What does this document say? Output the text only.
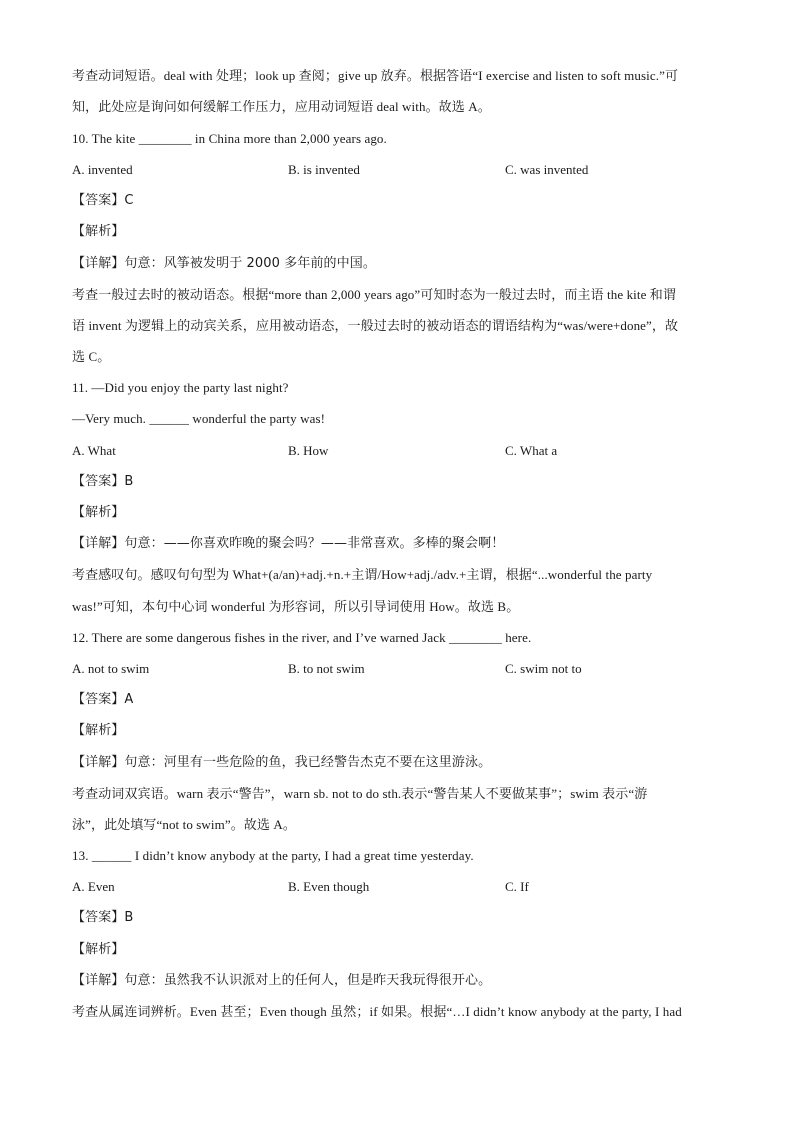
考查动词短语。deal with 处理；look up 查阅；give up 放弃。根据答语“I exercise and listen to soft music.”可
知，此处应是询问如何缓解工作压力，应用动词短语 deal with。故选 A。
10. The kite ________ in China more than 2,000 years ago.
A. invented	B. is invented	C. was invented
【答案】C
【解析】
【详解】句意：风筝被发明于 2000 多年前的中国。
考查一般过去时的被动语态。根据“more than 2,000 years ago”可知时态为一般过去时，而主语 the kite 和谓
语 invent 为逻辑上的动宾关系，应用被动语态，一般过去时的被动语态的谓语结构为“was/were+done”，故
选 C。
11. —Did you enjoy the party last night?
—Very much. ______ wonderful the party was!
A. What	B. How	C. What a
【答案】B
【解析】
【详解】句意：——你喜欢昨晚的聚会吗？——非常喜欢。多棒的聚会啊！
考查感叹句。感叹句句型为 What+(a/an)+adj.+n.+主谓/How+adj./adv.+主谓，根据“...wonderful the party
was!”可知，本句中心词 wonderful 为形容词，所以引导词使用 How。故选 B。
12. There are some dangerous fishes in the river, and I’ve warned Jack ________ here.
A. not to swim	B. to not swim	C. swim not to
【答案】A
【解析】
【详解】句意：河里有一些危险的鱼，我已经警告杰克不要在这里游泳。
考查动词双宾语。warn 表示“警告”，warn sb. not to do sth.表示“警告某人不要做某事”；swim 表示“游
泳”，此处填写“not to swim”。故选 A。
13. ______ I didn’t know anybody at the party, I had a great time yesterday.
A. Even	B. Even though	C. If
【答案】B
【解析】
【详解】句意：虽然我不认识派对上的任何人，但是昨天我玩得很开心。
考查从属连词辨析。Even 甚至；Even though 虽然；if 如果。根据“…I didn’t know anybody at the party, I had
